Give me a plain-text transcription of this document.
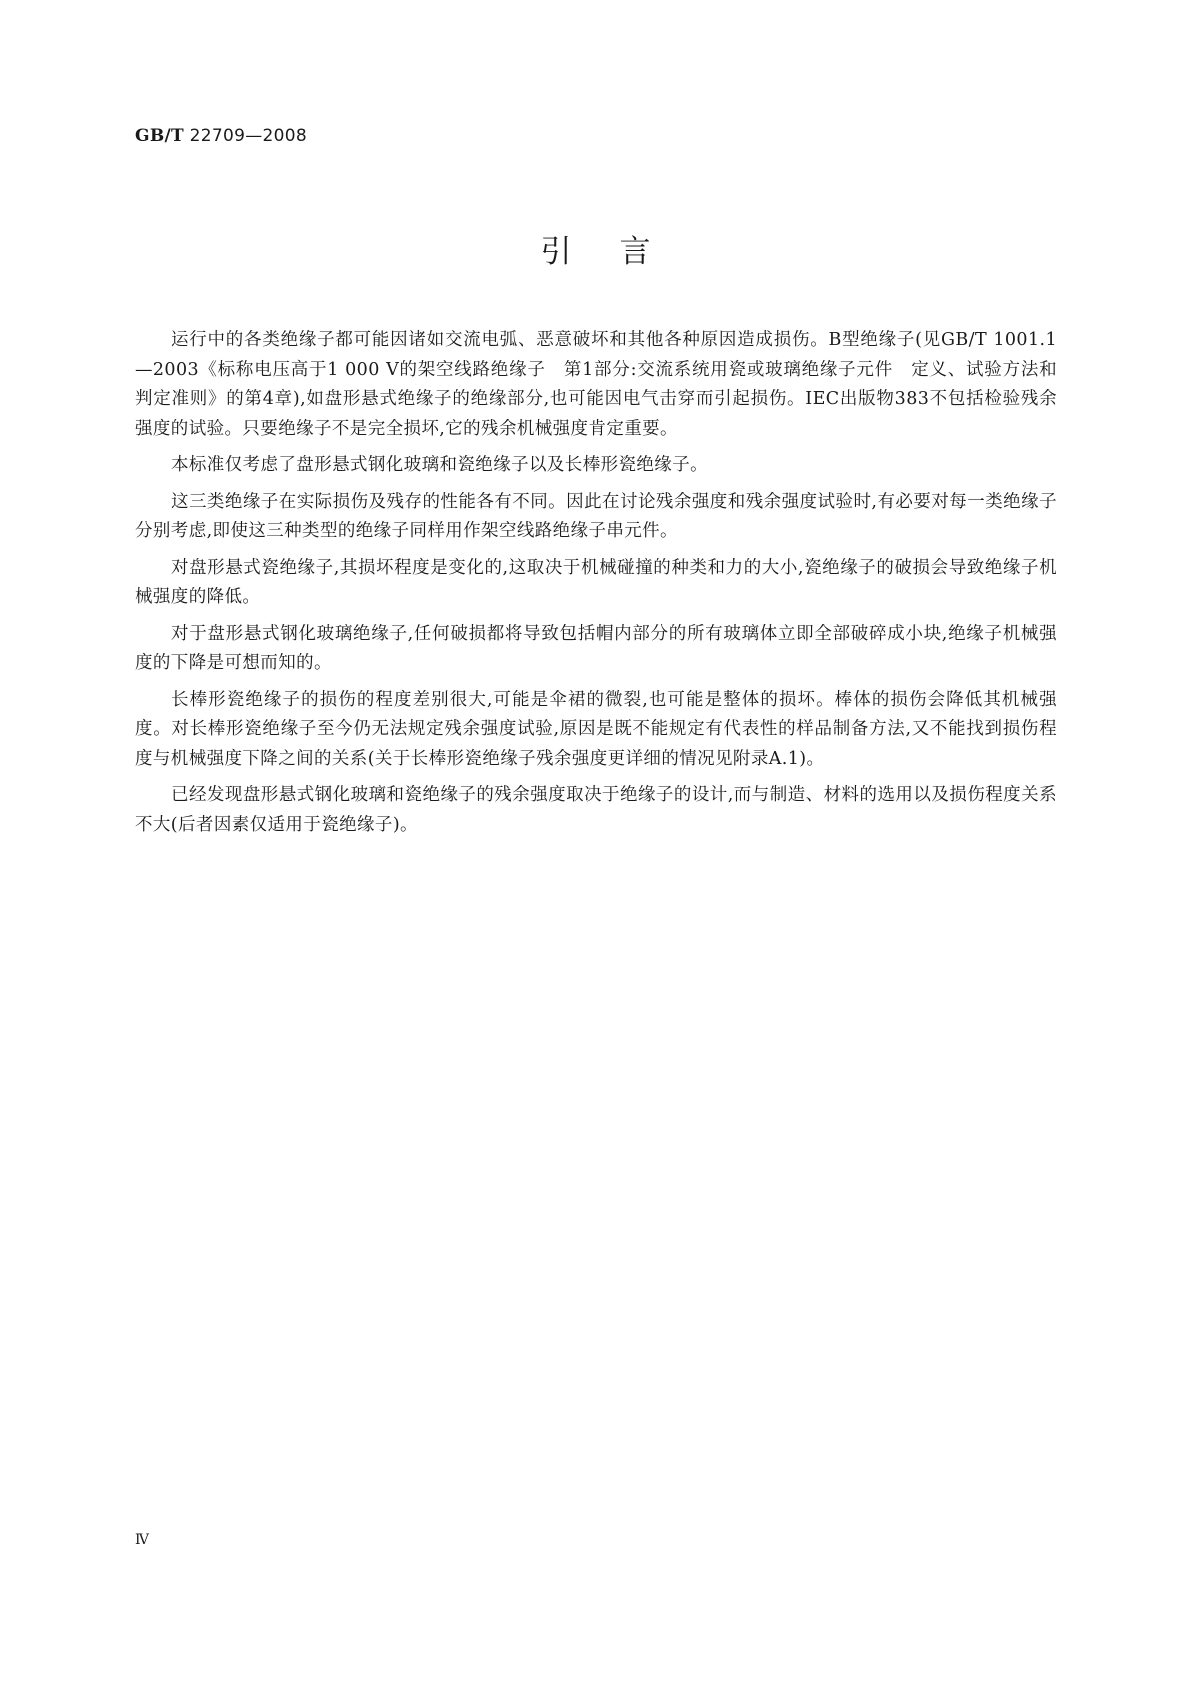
GB/T 22709—2008
引言

运行中的各类绝缘子都可能因诸如交流电弧、恶意破坏和其他各种原因造成损伤。B型绝缘子(见GB/T 1001.1—2003《标称电压高于1 000 V的架空线路绝缘子　第1部分:交流系统用瓷或玻璃绝缘子元件　定义、试验方法和判定准则》的第4章),如盘形悬式绝缘子的绝缘部分,也可能因电气击穿而引起损伤。IEC出版物383不包括检验残余强度的试验。只要绝缘子不是完全损坏,它的残余机械强度肯定重要。

本标准仅考虑了盘形悬式钢化玻璃和瓷绝缘子以及长棒形瓷绝缘子。

这三类绝缘子在实际损伤及残存的性能各有不同。因此在讨论残余强度和残余强度试验时,有必要对每一类绝缘子分别考虑,即使这三种类型的绝缘子同样用作架空线路绝缘子串元件。

对盘形悬式瓷绝缘子,其损坏程度是变化的,这取决于机械碰撞的种类和力的大小,瓷绝缘子的破损会导致绝缘子机械强度的降低。

对于盘形悬式钢化玻璃绝缘子,任何破损都将导致包括帽内部分的所有玻璃体立即全部破碎成小块,绝缘子机械强度的下降是可想而知的。

长棒形瓷绝缘子的损伤的程度差别很大,可能是伞裙的微裂,也可能是整体的损坏。棒体的损伤会降低其机械强度。对长棒形瓷绝缘子至今仍无法规定残余强度试验,原因是既不能规定有代表性的样品制备方法,又不能找到损伤程度与机械强度下降之间的关系(关于长棒形瓷绝缘子残余强度更详细的情况见附录A.1)。

已经发现盘形悬式钢化玻璃和瓷绝缘子的残余强度取决于绝缘子的设计,而与制造、材料的选用以及损伤程度关系不大(后者因素仅适用于瓷绝缘子)。

Ⅳ
